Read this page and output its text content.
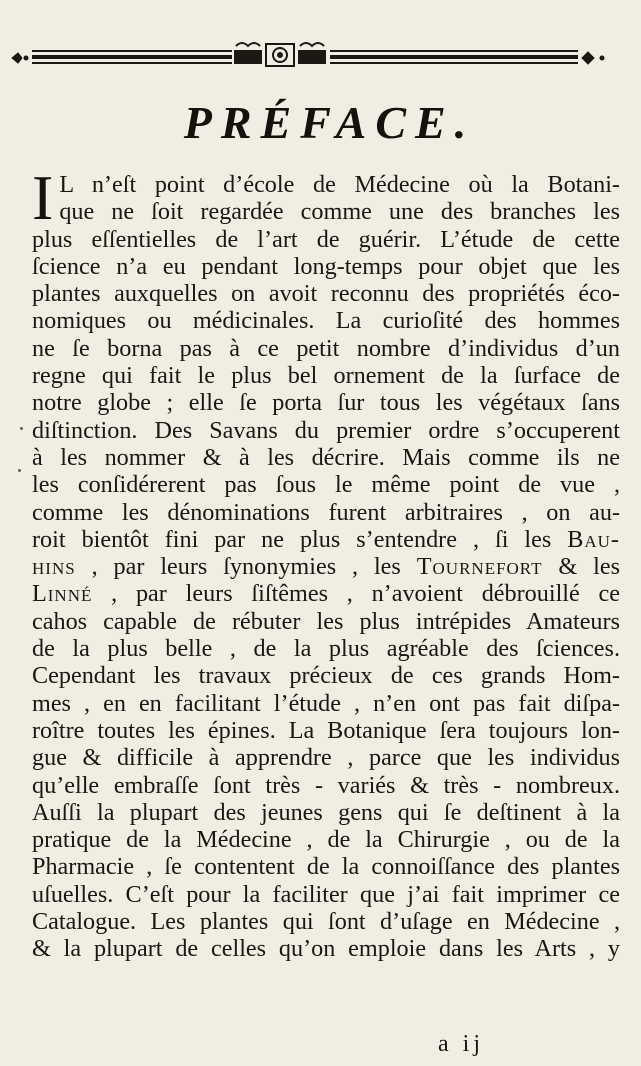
PRÉFACE.
I L n’eſt point d’école de Médecine où la Botani-
que ne ſoit regardée comme une des branches les
plus eſſentielles de l’art de guérir. L’étude de cette
ſcience n’a eu pendant long-temps pour objet que les
plantes auxquelles on avoit reconnu des propriétés éco-
nomiques ou médicinales. La curioſité des hommes
ne ſe borna pas à ce petit nombre d’individus d’un
regne qui fait le plus bel ornement de la ſurface de
notre globe ; elle ſe porta ſur tous les végétaux ſans
diſtinction. Des Savans du premier ordre s’occuperent
à les nommer & à les décrire. Mais comme ils ne
les conſidérerent pas ſous le même point de vue ,
comme les dénominations furent arbitraires , on au-
roit bientôt fini par ne plus s’entendre , ſi les Bau-
hins , par leurs ſynonymies , les Tournefort & les
Linné , par leurs ſiſtêmes , n’avoient débrouillé ce
cahos capable de rébuter les plus intrépides Amateurs
de la plus belle , de la plus agréable des ſciences.
Cependant les travaux précieux de ces grands Hom-
mes , en en facilitant l’étude , n’en ont pas fait diſpa-
roître toutes les épines. La Botanique ſera toujours lon-
gue & difficile à apprendre , parce que les individus
qu’elle embraſſe ſont très - variés & très - nombreux.
Auſſi la plupart des jeunes gens qui ſe deſtinent à la
pratique de la Médecine , de la Chirurgie , ou de la
Pharmacie , ſe contentent de la connoiſſance des plantes
uſuelles. C’eſt pour la faciliter que j’ai fait imprimer ce
Catalogue. Les plantes qui ſont d’uſage en Médecine ,
& la plupart de celles qu’on emploie dans les Arts , y
a ij
